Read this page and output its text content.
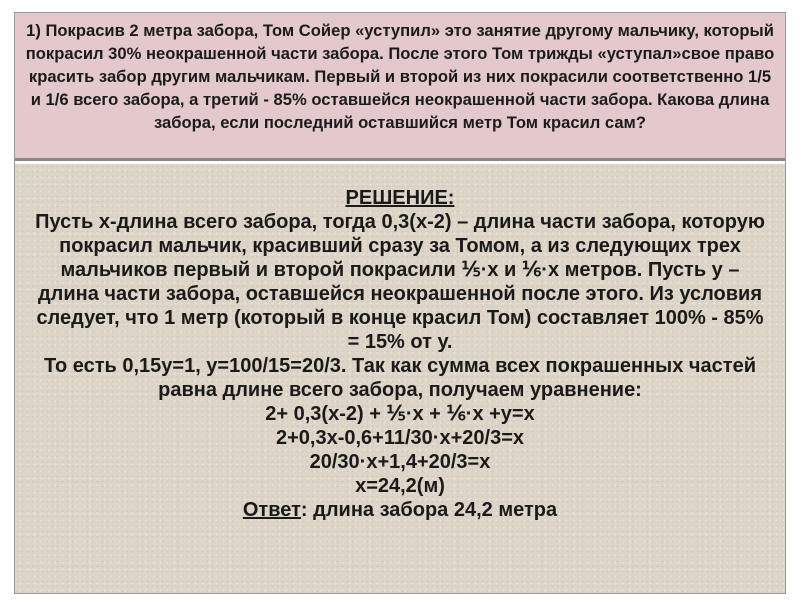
1) Покрасив 2 метра забора, Том Сойер «уступил» это занятие другому мальчику, который покрасил 30% неокрашенной части забора. После этого Том трижды «уступал»свое право красить забор другим мальчикам. Первый и второй из них покрасили соответственно 1/5 и 1/6 всего забора, а третий - 85% оставшейся неокрашенной части забора. Какова длина забора, если последний оставшийся метр Том красил сам?

РЕШЕНИЕ:

Пусть х-длина всего забора, тогда 0,3(х-2) – длина части забора, которую покрасил мальчик, красивший сразу за Томом, а из следующих трех мальчиков первый и второй покрасили ⅕·х и ⅙·х метров. Пусть у – длина части забора, оставшейся неокрашенной после этого. Из условия следует, что 1 метр (который в конце красил Том) составляет 100% - 85% = 15% от у.

То есть 0,15у=1, у=100/15=20/3. Так как сумма всех покрашенных частей равна длине всего забора, получаем уравнение:

2+ 0,3(х-2) + ⅕·х + ⅙·х +у=х

2+0,3х-0,6+11/30·х+20/3=х

20/30·х+1,4+20/3=х

х=24,2(м)

Ответ: длина забора 24,2 метра
